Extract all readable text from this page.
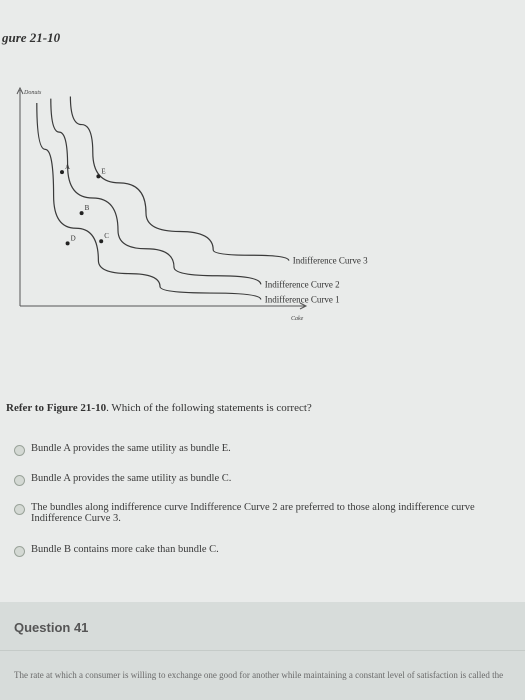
gure 21-10
Donuts
Cake
Indifference Curve 3
Indifference Curve 2
Indifference Curve 1
A
E
B
D	C
Refer to Figure 21-10. Which of the following statements is correct?
Bundle A provides the same utility as bundle E.
Bundle A provides the same utility as bundle C.
The bundles along indifference curve Indifference Curve 2 are preferred to those along indifference curve Indifference Curve 3.
Bundle B contains more cake than bundle C.
Question 41
The rate at which a consumer is willing to exchange one good for another while maintaining a constant level of satisfaction is called the
